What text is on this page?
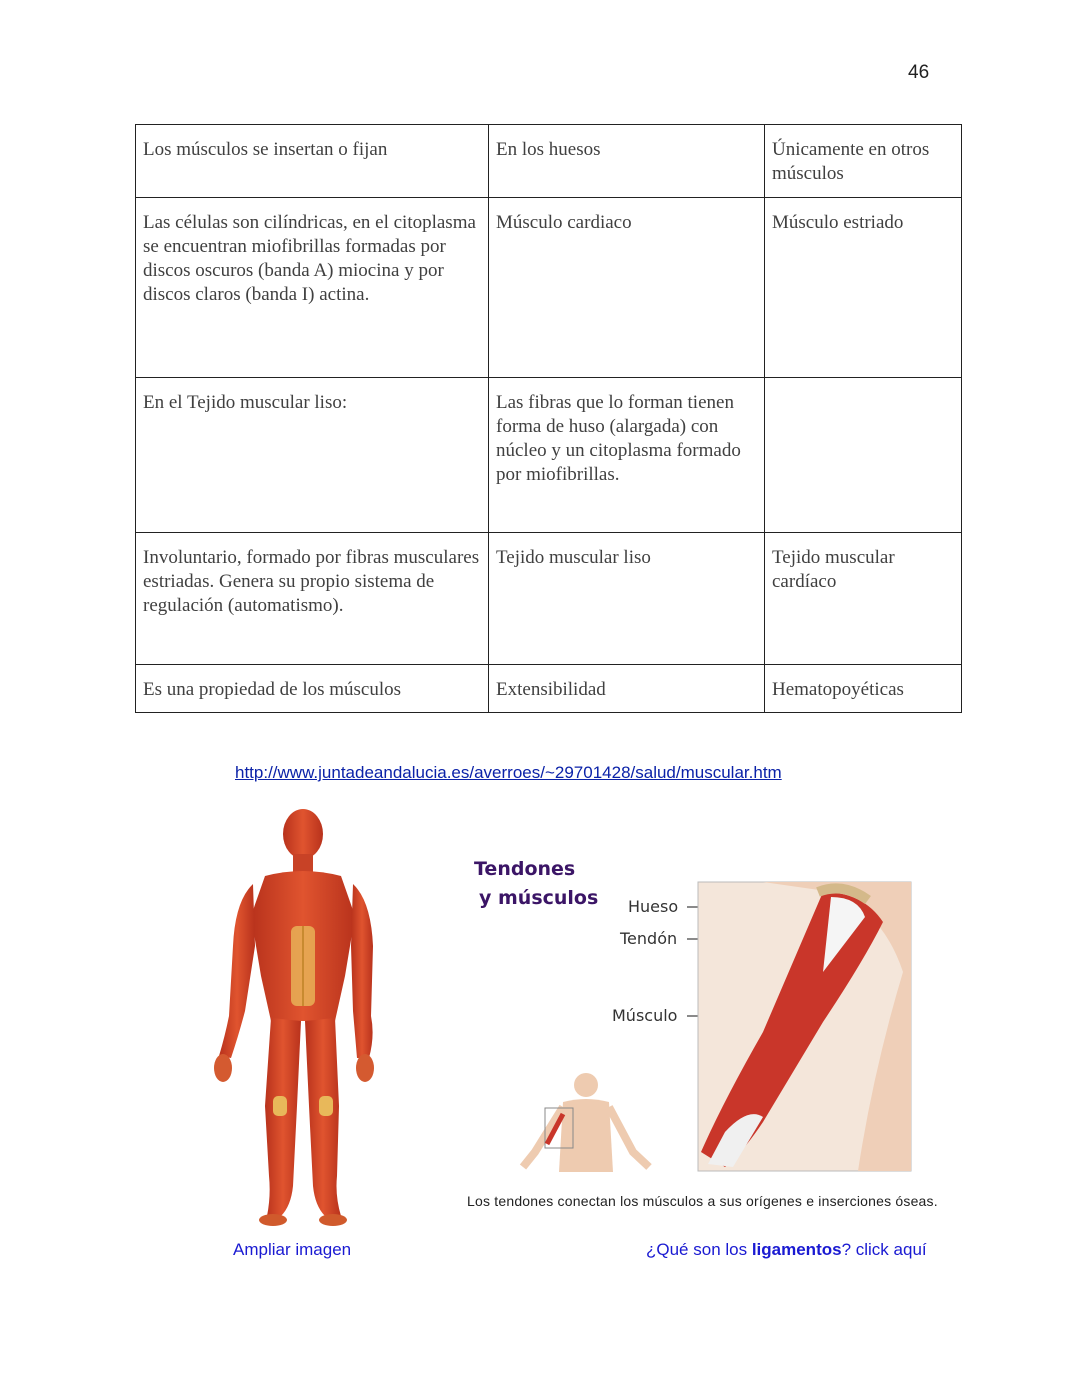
46
Los músculos se insertan o fijan	En los huesos	Únicamente en otros músculos
Las células son cilíndricas, en el citoplasma se encuentran miofibrillas formadas por discos oscuros (banda A) miocina y por discos claros (banda I) actina.	Músculo cardiaco	Músculo estriado
En el Tejido muscular liso:	Las fibras que lo forman tienen forma de huso (alargada) con núcleo y un citoplasma formado por miofibrillas.	
Involuntario, formado por fibras musculares estriadas. Genera su propio sistema de regulación (automatismo).	Tejido muscular liso	Tejido muscular cardíaco
Es una propiedad de los músculos	Extensibilidad	Hematopoyéticas
http://www.juntadeandalucia.es/averroes/~29701428/salud/muscular.htm
Tendones
y músculos Hueso
Tendón
Músculo
Los tendones conectan los músculos a sus orígenes e inserciones óseas.
Ampliar imagen	¿Qué son los ligamentos? click aquí
